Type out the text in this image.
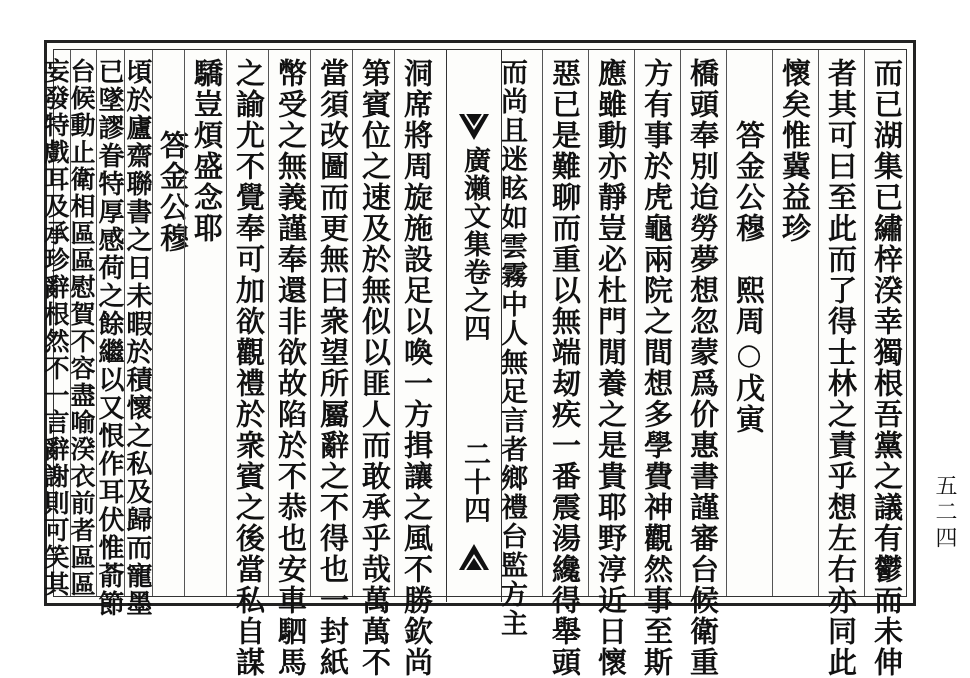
而已湖集已繡梓湀幸獨根吾黨之議有鬱而未伸
者其可曰至此而了得士林之責乎想左右亦同此
懷矣惟冀益珍
答金公穆　熙周○戊寅
橋頭奉別迨勞夢想忽蒙爲价惠書謹審台候衛重
方有事於虎龜兩院之間想多學費神觀然事至斯
應雖動亦靜豈必杜門閒養之是貴耶野淳近日懷
惡已是難聊而重以無端刼疾一番震湯纔得舉頭
而尚且迷眩如雲霧中人無足言者鄉禮台監方主
廣瀨文集卷之四
二十四
洞席將周旋施設足以喚一方揖讓之風不勝欽尚
第賓位之速及於無似以匪人而敢承乎哉萬萬不
當須改圖而更無曰衆望所屬辭之不得也一封紙
幣受之無義謹奉還非欲故陷於不恭也安車駟馬
之諭尤不覺奉可加欲觀禮於衆賓之後當私自謀
驕豈煩盛念耶
答金公穆
頃於廬齋聯書之日未暇於積懷之私及歸而寵墨
已墜謬眷特厚感荷之餘繼以又恨作耳伏惟萮節
台候動止衛相區區慰賀不容盡喻湀衣前者區區
妄發特戲耳及承珍辭根然不一言辭謝則可笑其	五二四
